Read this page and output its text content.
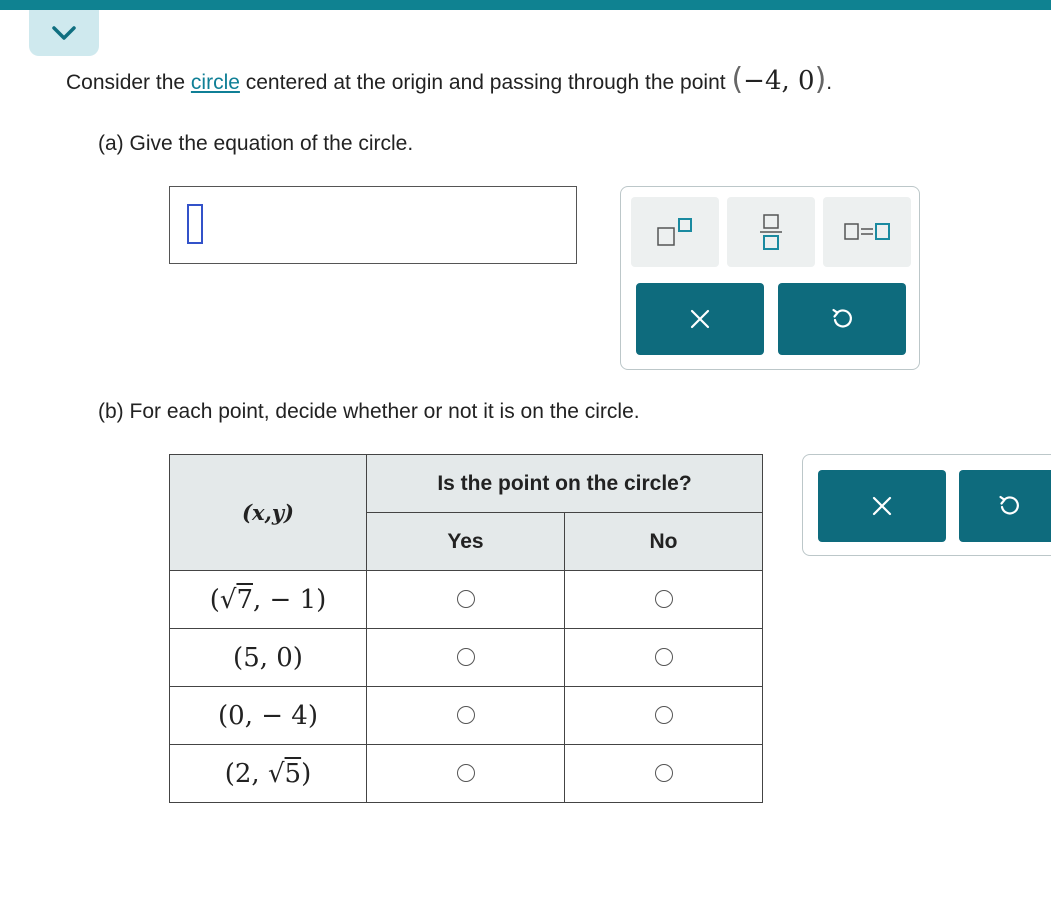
Consider the circle centered at the origin and passing through the point (−4, 0).
(a) Give the equation of the circle.
(b) For each point, decide whether or not it is on the circle.
(x,y)	Is the point on the circle?	
	Yes	No
(√7, − 1)		
(5, 0)		
(0, − 4)		
(2, √5)		
